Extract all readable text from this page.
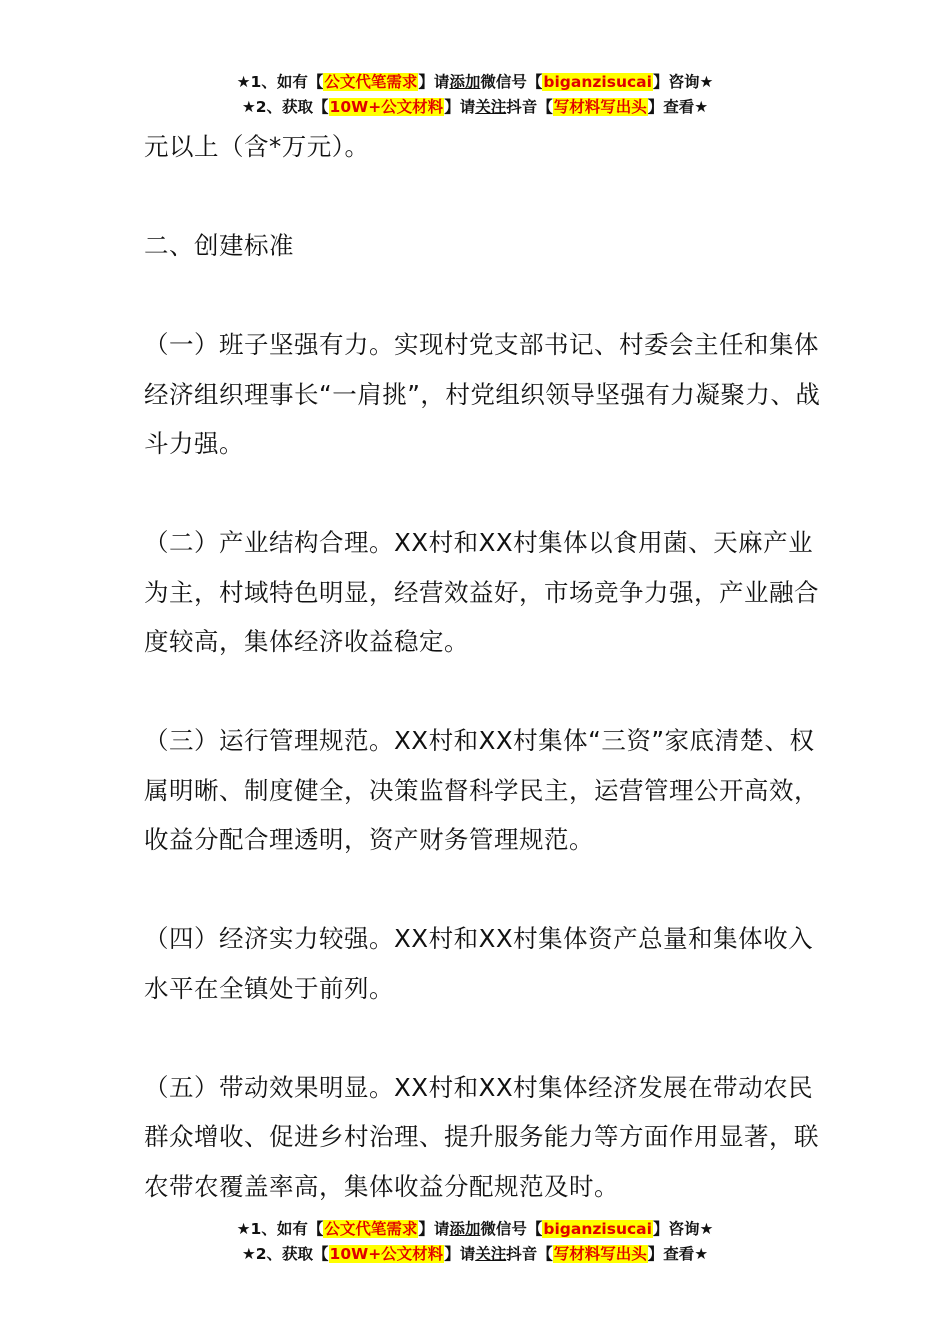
★1、如有【公文代笔需求】请添加微信号【biganzisucai】咨询★
★2、获取【10W+公文材料】请关注抖音【写材料写出头】查看★

元以上（含*万元）。

二、创建标准

（一）班子坚强有力。实现村党支部书记、村委会主任和集体经济组织理事长“一肩挑”，村党组织领导坚强有力凝聚力、战斗力强。

（二）产业结构合理。XX村和XX村集体以食用菌、天麻产业为主，村域特色明显，经营效益好，市场竞争力强，产业融合度较高，集体经济收益稳定。

（三）运行管理规范。XX村和XX村集体“三资”家底清楚、权属明晰、制度健全，决策监督科学民主，运营管理公开高效，收益分配合理透明，资产财务管理规范。

（四）经济实力较强。XX村和XX村集体资产总量和集体收入水平在全镇处于前列。

（五）带动效果明显。XX村和XX村集体经济发展在带动农民群众增收、促进乡村治理、提升服务能力等方面作用显著，联农带农覆盖率高，集体收益分配规范及时。

★1、如有【公文代笔需求】请添加微信号【biganzisucai】咨询★
★2、获取【10W+公文材料】请关注抖音【写材料写出头】查看★
